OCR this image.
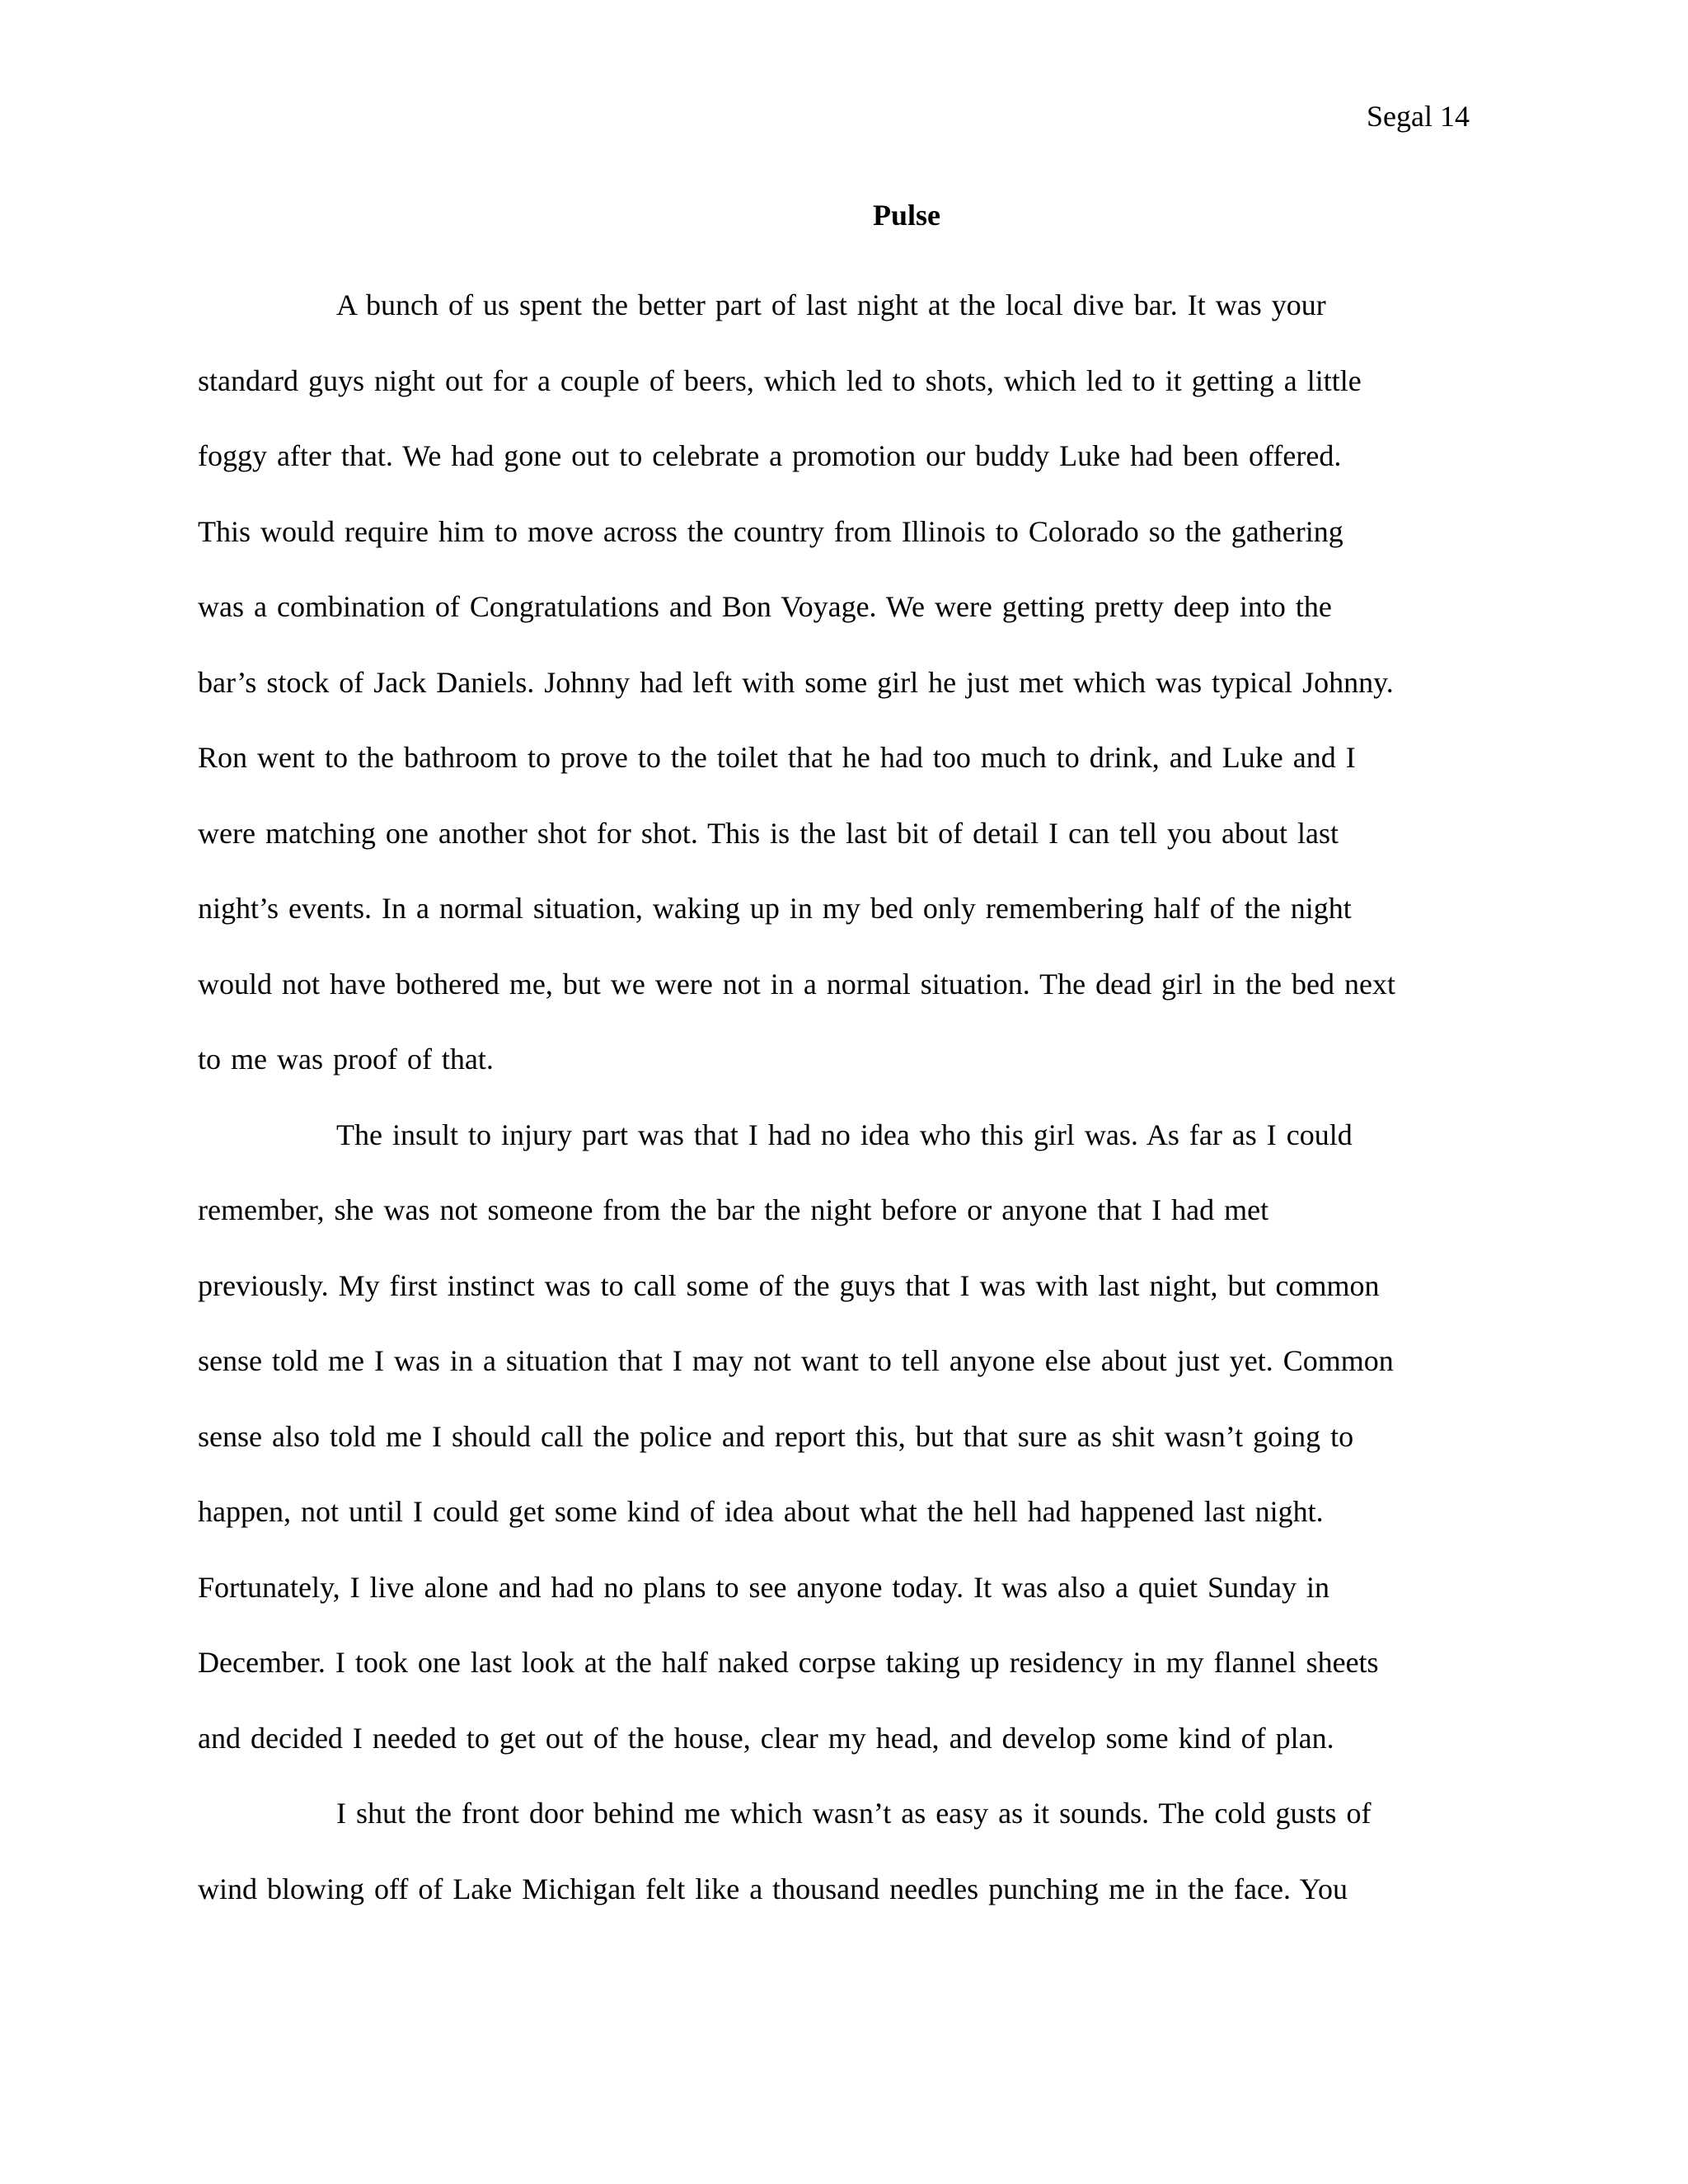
Segal 14
Pulse
A bunch of us spent the better part of last night at the local dive bar. It was your
standard guys night out for a couple of beers, which led to shots, which led to it getting a little
foggy after that. We had gone out to celebrate a promotion our buddy Luke had been offered.
This would require him to move across the country from Illinois to Colorado so the gathering
was a combination of Congratulations and Bon Voyage. We were getting pretty deep into the
bar’s stock of Jack Daniels. Johnny had left with some girl he just met which was typical Johnny.
Ron went to the bathroom to prove to the toilet that he had too much to drink, and Luke and I
were matching one another shot for shot. This is the last bit of detail I can tell you about last
night’s events. In a normal situation, waking up in my bed only remembering half of the night
would not have bothered me, but we were not in a normal situation. The dead girl in the bed next
to me was proof of that.
The insult to injury part was that I had no idea who this girl was. As far as I could
remember, she was not someone from the bar the night before or anyone that I had met
previously. My first instinct was to call some of the guys that I was with last night, but common
sense told me I was in a situation that I may not want to tell anyone else about just yet. Common
sense also told me I should call the police and report this, but that sure as shit wasn’t going to
happen, not until I could get some kind of idea about what the hell had happened last night.
Fortunately, I live alone and had no plans to see anyone today. It was also a quiet Sunday in
December. I took one last look at the half naked corpse taking up residency in my flannel sheets
and decided I needed to get out of the house, clear my head, and develop some kind of plan.
I shut the front door behind me which wasn’t as easy as it sounds. The cold gusts of
wind blowing off of Lake Michigan felt like a thousand needles punching me in the face. You
